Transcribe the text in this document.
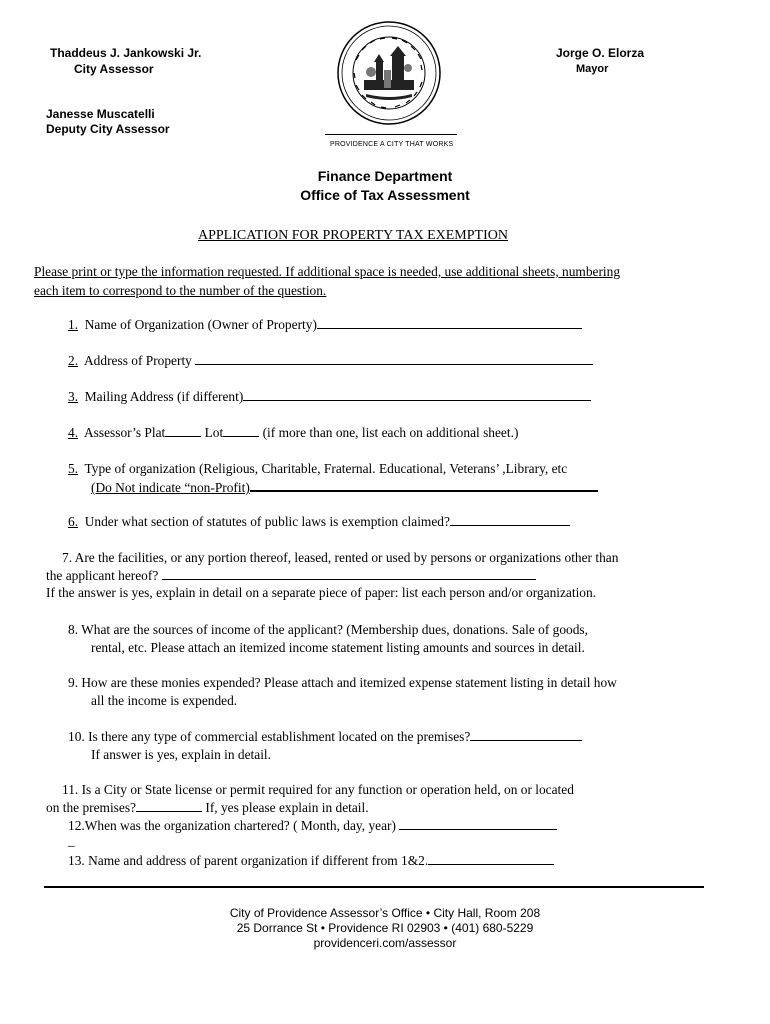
Thaddeus J. Jankowski Jr.
City Assessor
Janesse Muscatelli
Deputy City Assessor
Jorge O. Elorza
Mayor
PROVIDENCE A CITY THAT WORKS
Finance Department
Office of Tax Assessment
APPLICATION FOR PROPERTY TAX EXEMPTION
Please print or type the information requested. If additional space is needed, use additional sheets, numbering
each item to correspond to the number of the question.
1. Name of Organization (Owner of Property)
2. Address of Property
3. Mailing Address (if different)
4. Assessor’s Plat	Lot	(if more than one, list each on additional sheet.)
5. Type of organization (Religious, Charitable, Fraternal. Educational, Veterans’ ,Library, etc
(Do Not indicate “non-Profit)
6. Under what section of statutes of public laws is exemption claimed?
7. Are the facilities, or any portion thereof, leased, rented or used by persons or organizations other than
the applicant hereof?
If the answer is yes, explain in detail on a separate piece of paper: list each person and/or organization.
8. What are the sources of income of the applicant? (Membership dues, donations. Sale of goods,
rental, etc. Please attach an itemized income statement listing amounts and sources in detail.
9. How are these monies expended? Please attach and itemized expense statement listing in detail how
all the income is expended.
10. Is there any type of commercial establishment located on the premises?
If answer is yes, explain in detail.
11. Is a City or State license or permit required for any function or operation held, on or located
on the premises?	If, yes please explain in detail.
12.When was the organization chartered? ( Month, day, year)
_
13. Name and address of parent organization if different from 1&2.
City of Providence Assessor’s Office • City Hall, Room 208
25 Dorrance St • Providence RI 02903 • (401) 680-5229
providenceri.com/assessor
